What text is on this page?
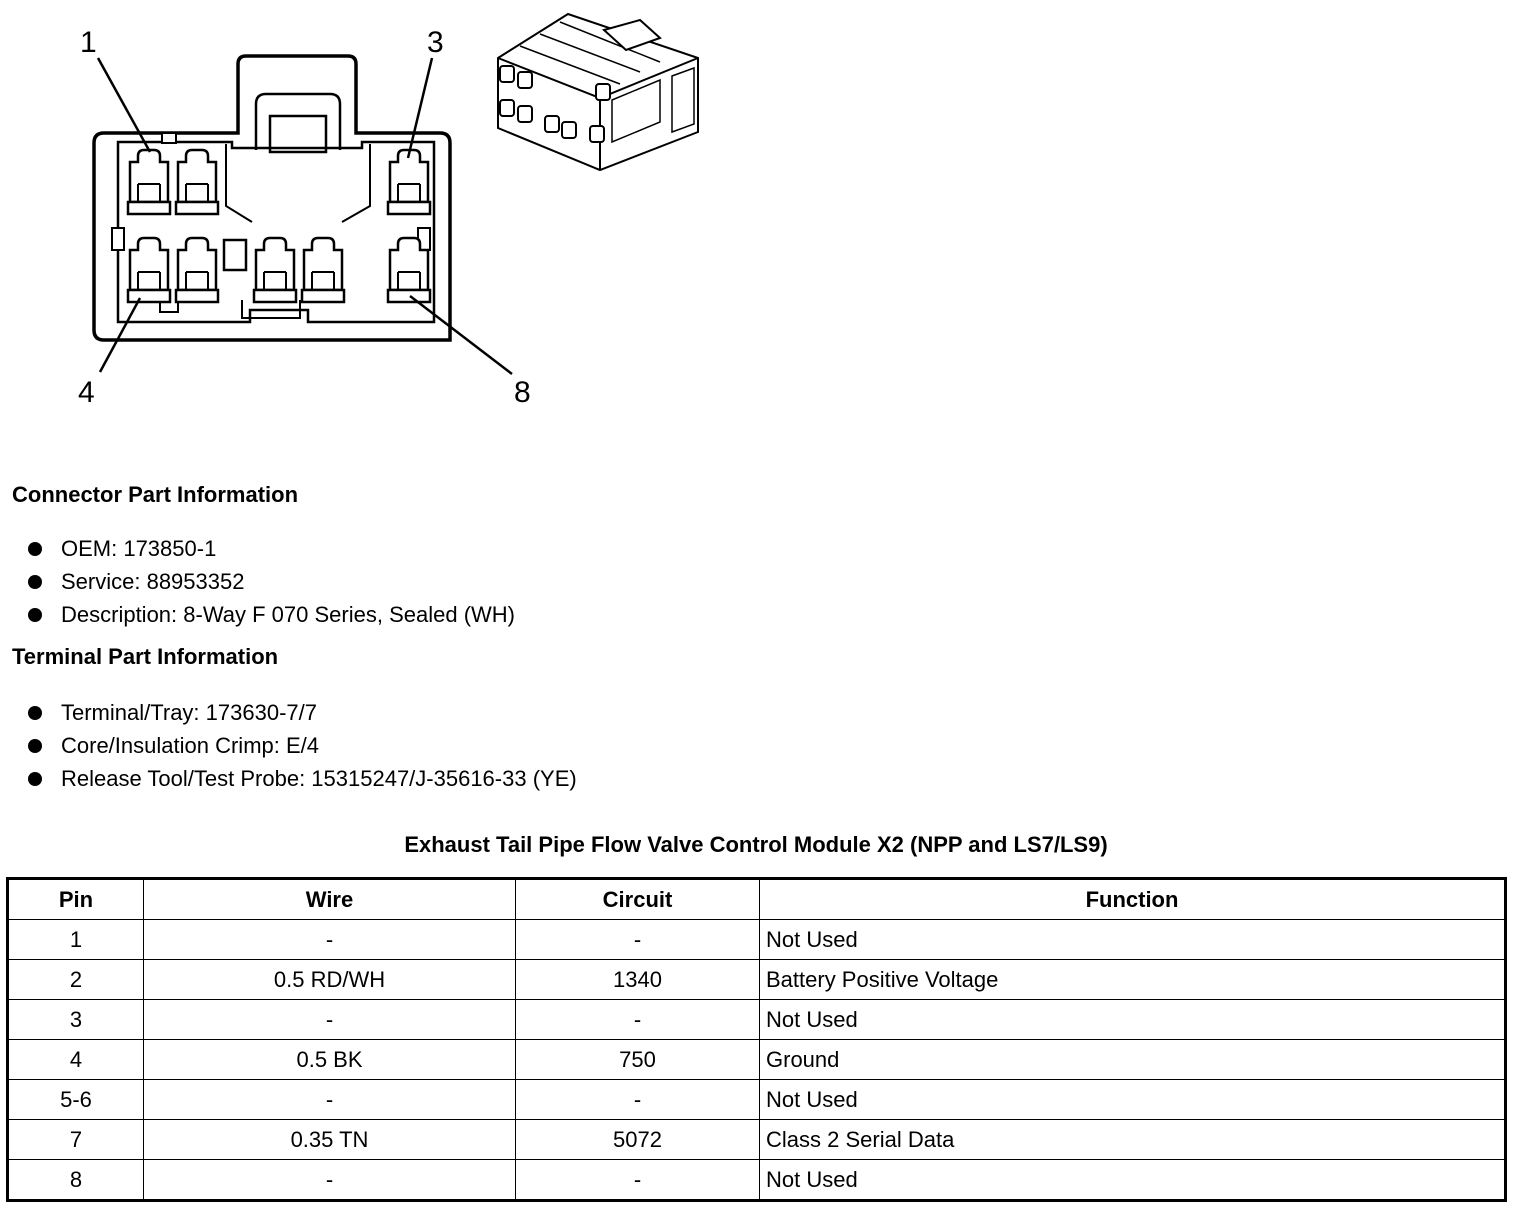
1	3
4	8
Connector Part Information
OEM: 173850-1
Service: 88953352
Description: 8-Way F 070 Series, Sealed (WH)
Terminal Part Information
Terminal/Tray: 173630-7/7
Core/Insulation Crimp: E/4
Release Tool/Test Probe: 15315247/J-35616-33 (YE)
Exhaust Tail Pipe Flow Valve Control Module X2 (NPP and LS7/LS9)
Pin	Wire	Circuit	Function
1	-	-	Not Used
2	0.5 RD/WH	1340	Battery Positive Voltage
3	-	-	Not Used
4	0.5 BK	750	Ground
5-6	-	-	Not Used
7	0.35 TN	5072	Class 2 Serial Data
8	-	-	Not Used
